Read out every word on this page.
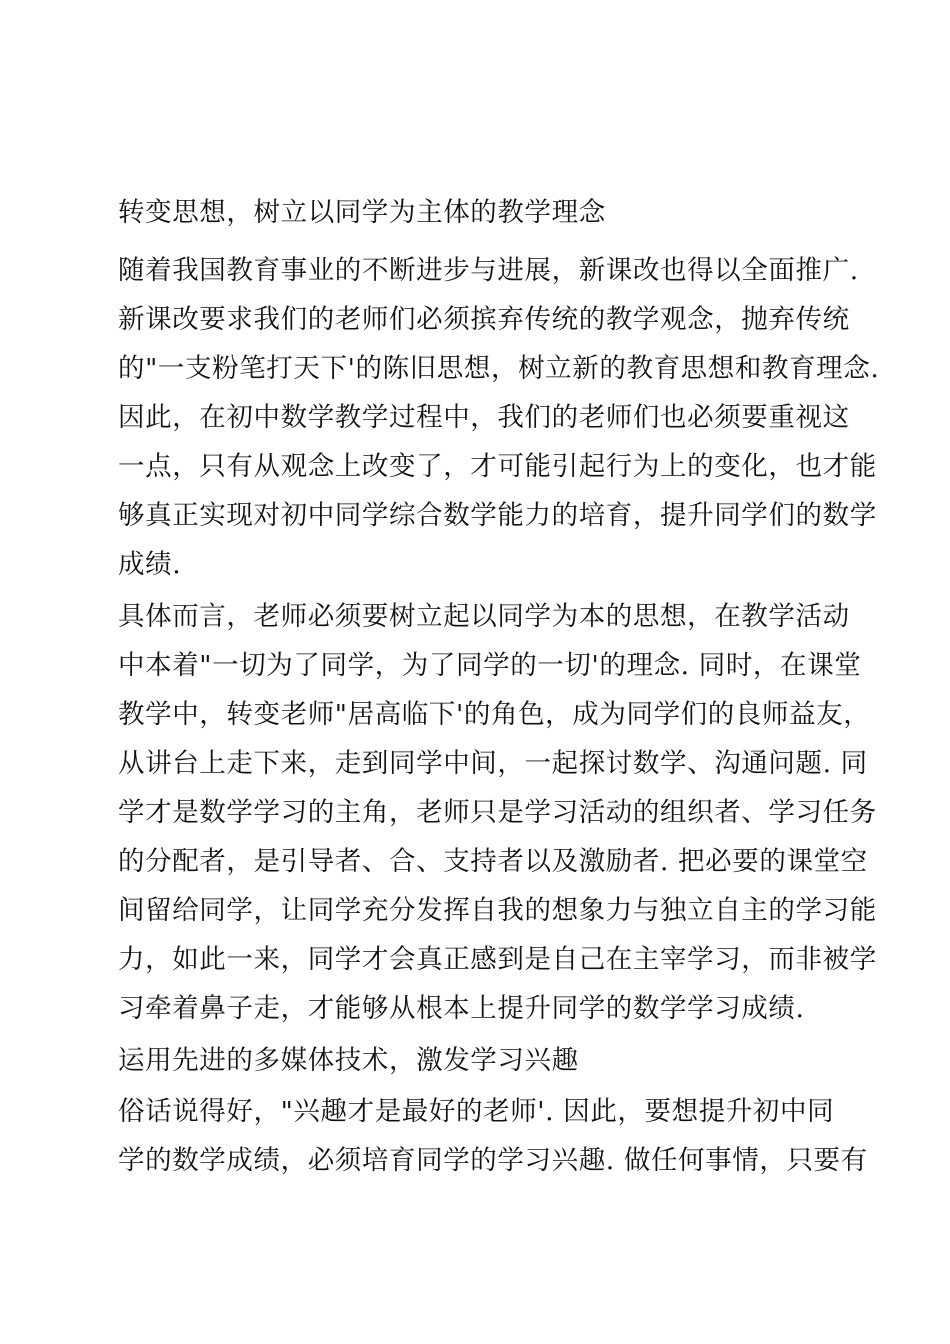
转变思想，树立以同学为主体的教学理念
随着我国教育事业的不断进步与进展，新课改也得以全面推广.
新课改要求我们的老师们必须摈弃传统的教学观念，抛弃传统
的"一支粉笔打天下'的陈旧思想，树立新的教育思想和教育理念.
因此，在初中数学教学过程中，我们的老师们也必须要重视这
一点，只有从观念上改变了，才可能引起行为上的变化，也才能
够真正实现对初中同学综合数学能力的培育，提升同学们的数学
成绩.
具体而言，老师必须要树立起以同学为本的思想，在教学活动
中本着"一切为了同学，为了同学的一切'的理念. 同时，在课堂
教学中，转变老师"居高临下'的角色，成为同学们的良师益友，
从讲台上走下来，走到同学中间，一起探讨数学、沟通问题. 同
学才是数学学习的主角，老师只是学习活动的组织者、学习任务
的分配者，是引导者、合、支持者以及激励者. 把必要的课堂空
间留给同学，让同学充分发挥自我的想象力与独立自主的学习能
力，如此一来，同学才会真正感到是自己在主宰学习，而非被学
习牵着鼻子走，才能够从根本上提升同学的数学学习成绩.
运用先进的多媒体技术，激发学习兴趣
俗话说得好，"兴趣才是最好的老师'. 因此，要想提升初中同
学的数学成绩，必须培育同学的学习兴趣. 做任何事情，只要有
